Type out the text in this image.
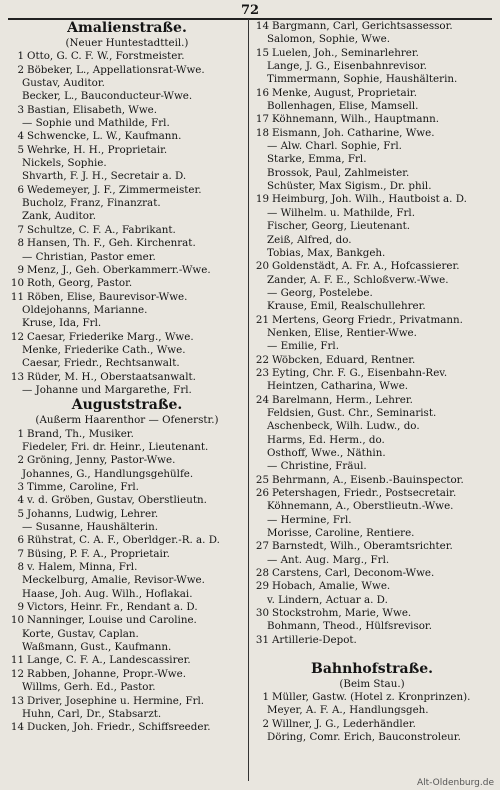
72
Amalienstraße.
(Neuer Huntestadtteil.)
1 Otto, G. C. F. W., Forstmeister.
2 Böbeker, L., Appellationsrat-Wwe.
Gustav, Auditor.
Becker, L., Bauconducteur-Wwe.
3 Bastian, Elisabeth, Wwe.
— Sophie und Mathilde, Frl.
4 Schwencke, L. W., Kaufmann.
5 Wehrke, H. H., Proprietair.
Nickels, Sophie.
Shvarth, F. J. H., Secretair a. D.
6 Wedemeyer, J. F., Zimmermeister.
Bucholz, Franz, Finanzrat.
Zank, Auditor.
7 Schultze, C. F. A., Fabrikant.
8 Hansen, Th. F., Geh. Kirchenrat.
— Christian, Pastor emer.
9 Menz, J., Geh. Oberkammerr.-Wwe.
10 Roth, Georg, Pastor.
11 Röben, Elise, Baurevisor-Wwe.
Oldejohanns, Marianne.
Kruse, Ida, Frl.
12 Caesar, Friederike Marg., Wwe.
Menke, Friederike Cath., Wwe.
Caesar, Friedr., Rechtsanwalt.
13 Rüder, M. H., Oberstaatsanwalt.
— Johanne und Margarethe, Frl.
Auguststraße.
(Außerm Haarenthor — Ofenerstr.)
1 Brand, Th., Musiker.
Fiedeler, Fri. dr. Heinr., Lieutenant.
2 Gröning, Jenny, Pastor-Wwe.
Johannes, G., Handlungsgehülfe.
3 Timme, Caroline, Frl.
4 v. d. Gröben, Gustav, Oberstlieutn.
5 Johanns, Ludwig, Lehrer.
— Susanne, Haushälterin.
6 Rühstrat, C. A. F., Oberldger.-R. a. D.
7 Büsing, P. F. A., Proprietair.
8 v. Halem, Minna, Frl.
Meckelburg, Amalie, Revisor-Wwe.
Haase, Joh. Aug. Wilh., Hoflakai.
9 Victors, Heinr. Fr., Rendant a. D.
10 Nanninger, Louise und Caroline.
Korte, Gustav, Caplan.
Waßmann, Gust., Kaufmann.
11 Lange, C. F. A., Landescassirer.
12 Rabben, Johanne, Propr.-Wwe.
Willms, Gerh. Ed., Pastor.
13 Driver, Josephine u. Hermine, Frl.
Huhn, Carl, Dr., Stabsarzt.
14 Ducken, Joh. Friedr., Schiffsreeder.
14 Bargmann, Carl, Gerichtsassessor.
Salomon, Sophie, Wwe.
15 Luelen, Joh., Seminarlehrer.
Lange, J. G., Eisenbahnrevisor.
Timmermann, Sophie, Haushälterin.
16 Menke, August, Proprietair.
Bollenhagen, Elise, Mamsell.
17 Köhnemann, Wilh., Hauptmann.
18 Eismann, Joh. Catharine, Wwe.
— Alw. Charl. Sophie, Frl.
Starke, Emma, Frl.
Brossok, Paul, Zahlmeister.
Schüster, Max Sigism., Dr. phil.
19 Heimburg, Joh. Wilh., Hautboist a. D.
— Wilhelm. u. Mathilde, Frl.
Fischer, Georg, Lieutenant.
Zeiß, Alfred, do.
Tobias, Max, Bankgeh.
20 Goldenstädt, A. Fr. A., Hofcassierer.
Zander, A. F. E., Schloßverw.-Wwe.
— Georg, Postelebe.
Krause, Emil, Realschullehrer.
21 Mertens, Georg Friedr., Privatmann.
Nenken, Elise, Rentier-Wwe.
— Emilie, Frl.
22 Wöbcken, Eduard, Rentner.
23 Eyting, Chr. F. G., Eisenbahn-Rev.
Heintzen, Catharina, Wwe.
24 Barelmann, Herm., Lehrer.
Feldsien, Gust. Chr., Seminarist.
Aschenbeck, Wilh. Ludw., do.
Harms, Ed. Herm., do.
Osthoff, Wwe., Näthin.
— Christine, Fräul.
25 Behrmann, A., Eisenb.-Bauinspector.
26 Petershagen, Friedr., Postsecretair.
Köhnemann, A., Oberstlieutn.-Wwe.
— Hermine, Frl.
Morisse, Caroline, Rentiere.
27 Barnstedt, Wilh., Oberamtsrichter.
— Ant. Aug. Marg., Frl.
28 Carstens, Carl, Deconom-Wwe.
29 Hobach, Amalie, Wwe.
v. Lindern, Actuar a. D.
30 Stockstrohm, Marie, Wwe.
Bohmann, Theod., Hülfsrevisor.
31 Artillerie-Depot.
Bahnhofstraße.
(Beim Stau.)
1 Müller, Gastw. (Hotel z. Kronprinzen).
Meyer, A. F. A., Handlungsgeh.
2 Willner, J. G., Lederhändler.
Döring, Comr. Erich, Bauconstroleur.
Alt-Oldenburg.de
